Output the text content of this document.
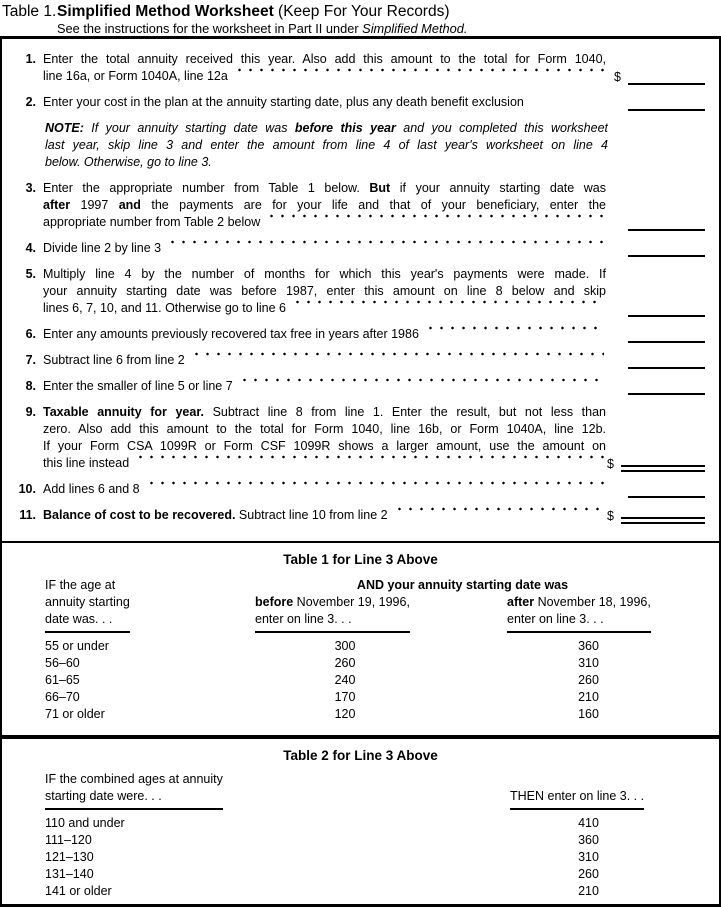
Table 1.Simplified Method Worksheet (Keep For Your Records)
See the instructions for the worksheet in Part II under Simplified Method.
1. Enter the total annuity received this year. Also add this amount to the total for Form 1040,
line 16a, or Form 1040A, line 12a	$
2. Enter your cost in the plan at the annuity starting date, plus any death benefit exclusion
NOTE: If your annuity starting date was before this year and you completed this worksheet
last year, skip line 3 and enter the amount from line 4 of last year's worksheet on line 4
below. Otherwise, go to line 3.
3. Enter the appropriate number from Table 1 below. But if your annuity starting date was
after 1997 and the payments are for your life and that of your beneficiary, enter the
appropriate number from Table 2 below
4. Divide line 2 by line 3
5. Multiply line 4 by the number of months for which this year's payments were made. If
your annuity starting date was before 1987, enter this amount on line 8 below and skip
lines 6, 7, 10, and 11. Otherwise go to line 6
6. Enter any amounts previously recovered tax free in years after 1986
7. Subtract line 6 from line 2
8. Enter the smaller of line 5 or line 7
9. Taxable annuity for year. Subtract line 8 from line 1. Enter the result, but not less than
zero. Also add this amount to the total for Form 1040, line 16b, or Form 1040A, line 12b.
If your Form CSA 1099R or Form CSF 1099R shows a larger amount, use the amount on
this line instead	$
10. Add lines 6 and 8
11. Balance of cost to be recovered. Subtract line 10 from line 2	$
Table 1 for Line 3 Above
IF the age at
annuity starting
date was. . .
AND your annuity starting date was
before November 19, 1996,
enter on line 3. . .
after November 18, 1996,
enter on line 3. . .
55 or under	300	360
56–60	260	310
61–65	240	260
66–70	170	210
71 or older	120	160
Table 2 for Line 3 Above
IF the combined ages at annuity
starting date were. . .	THEN enter on line 3. . .
110 and under	410
111–120	360
121–130	310
131–140	260
141 or older	210
